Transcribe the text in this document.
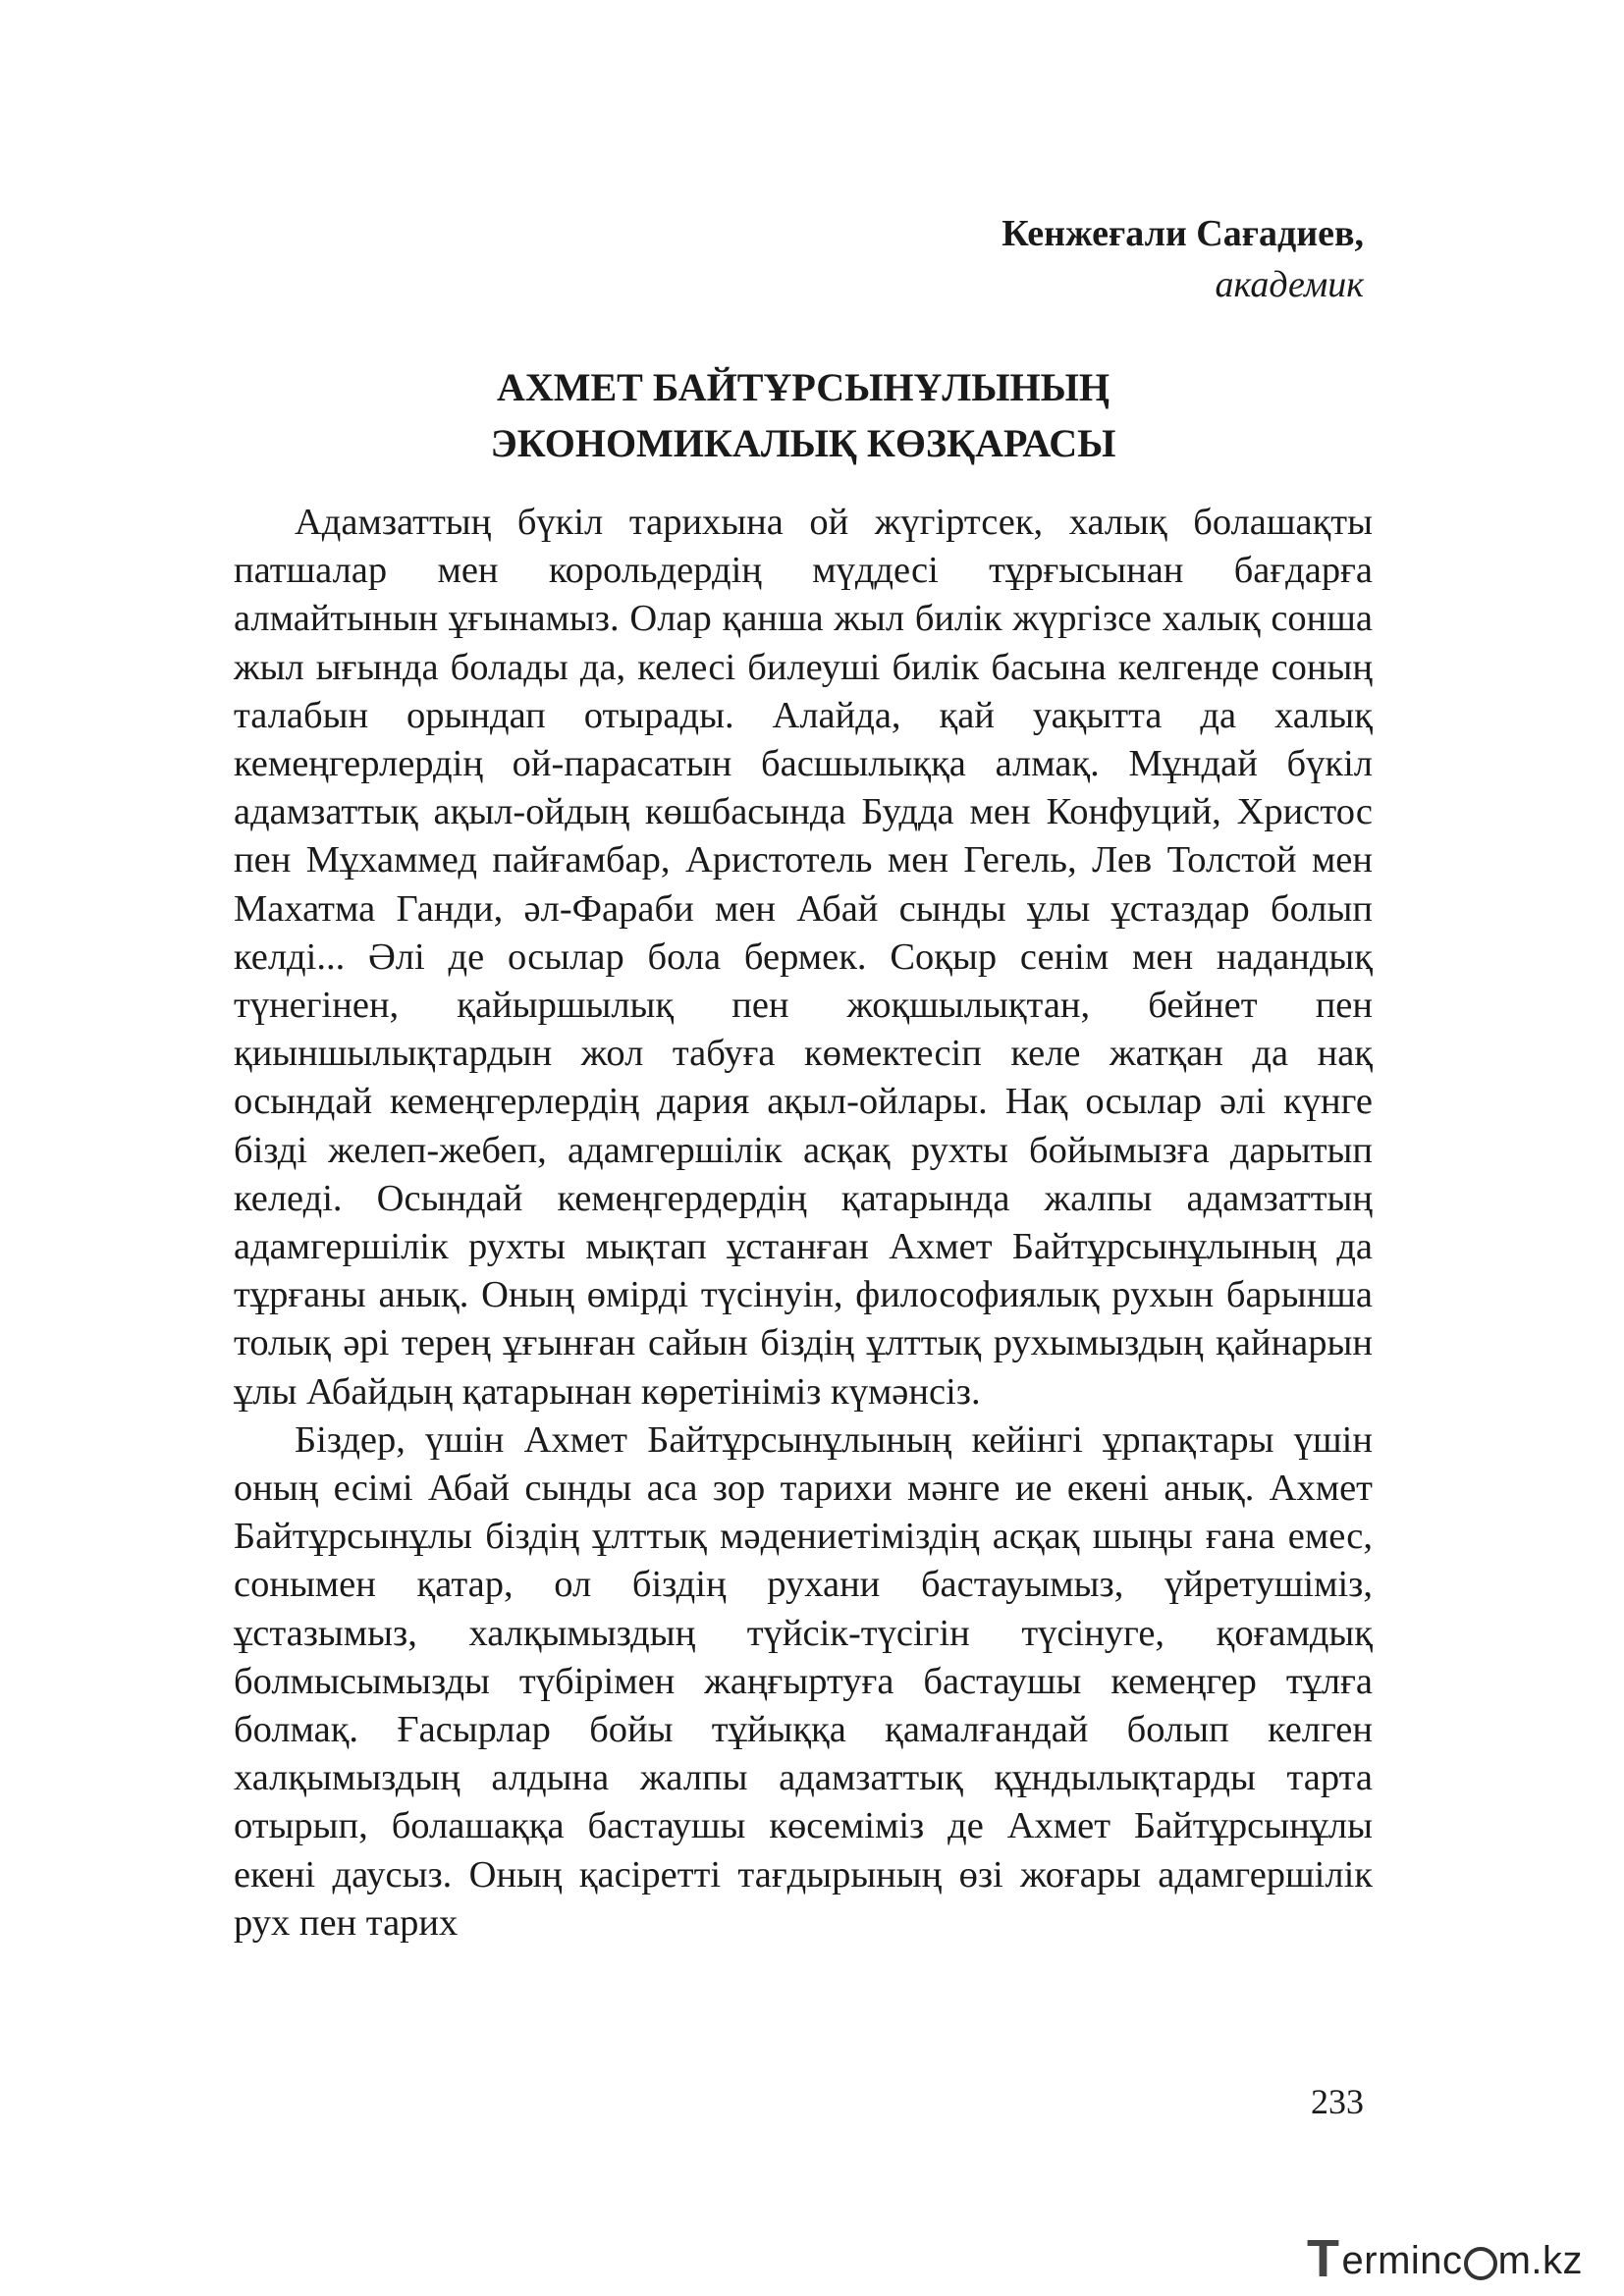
Кенжеғали Сағадиев,
академик
АХМЕТ БАЙТҰРСЫНҰЛЫНЫҢ
ЭКОНОМИКАЛЫҚ КӨЗҚАРАСЫ

Адамзаттың бүкіл тарихына ой жүгіртсек, халық болашақты патшалар мен корольдердің мүддесі тұрғысынан бағдарға алмайтынын ұғынамыз. Олар қанша жыл билік жүргізсе халық сонша жыл ығында болады да, келесі билеуші билік басына келгенде соның талабын орындап отырады. Алайда, қай уақытта да халық кемеңгерлердің ой-парасатын басшылыққа алмақ. Мұндай бүкіл адамзаттық ақыл-ойдың көшбасында Будда мен Конфуций, Христос пен Мұхаммед пайғамбар, Аристотель мен Гегель, Лев Толстой мен Махатма Ганди, әл-Фараби мен Абай сынды ұлы ұстаздар болып келді... Әлі де осылар бола бермек. Соқыр сенім мен надандық түнегінен, қайыршылық пен жоқшылықтан, бейнет пен қиыншылықтардын жол табуға көмектесіп келе жатқан да нақ осындай кемеңгерлердің дария ақыл-ойлары. Нақ осылар әлі күнге бізді желеп-жебеп, адамгершілік асқақ рухты бойымызға дарытып келеді. Осындай кемеңгердердің қатарында жалпы адамзаттың адамгершілік рухты мықтап ұстанған Ахмет Байтұрсынұлының да тұрғаны анық. Оның өмірді түсінуін, философиялық рухын барынша толық әрі терең ұғынған сайын біздің ұлттық рухымыздың қайнарын ұлы Абайдың қатарынан көретініміз күмәнсіз.

Біздер, үшін Ахмет Байтұрсынұлының кейінгі ұрпақтары үшін оның есімі Абай сынды аса зор тарихи мәнге ие екені анық. Ахмет Байтұрсынұлы біздің ұлттық мәдениетіміздің асқақ шыңы ғана емес, сонымен қатар, ол біздің рухани бастауымыз, үйретушіміз, ұстазымыз, халқымыздың түйсік-түсігін түсінуге, қоғамдық болмысымызды түбірімен жаңғыртуға бастаушы кемеңгер тұлға болмақ. Ғасырлар бойы тұйыққа қамалғандай болып келген халқымыздың алдына жалпы адамзаттық құндылықтарды тарта отырып, болашаққа бастаушы көсеміміз де Ахмет Байтұрсынұлы екені даусыз. Оның қасіретті тағдырының өзі жоғары адамгершілік рух пен тарих

233
T erminc m.kz
